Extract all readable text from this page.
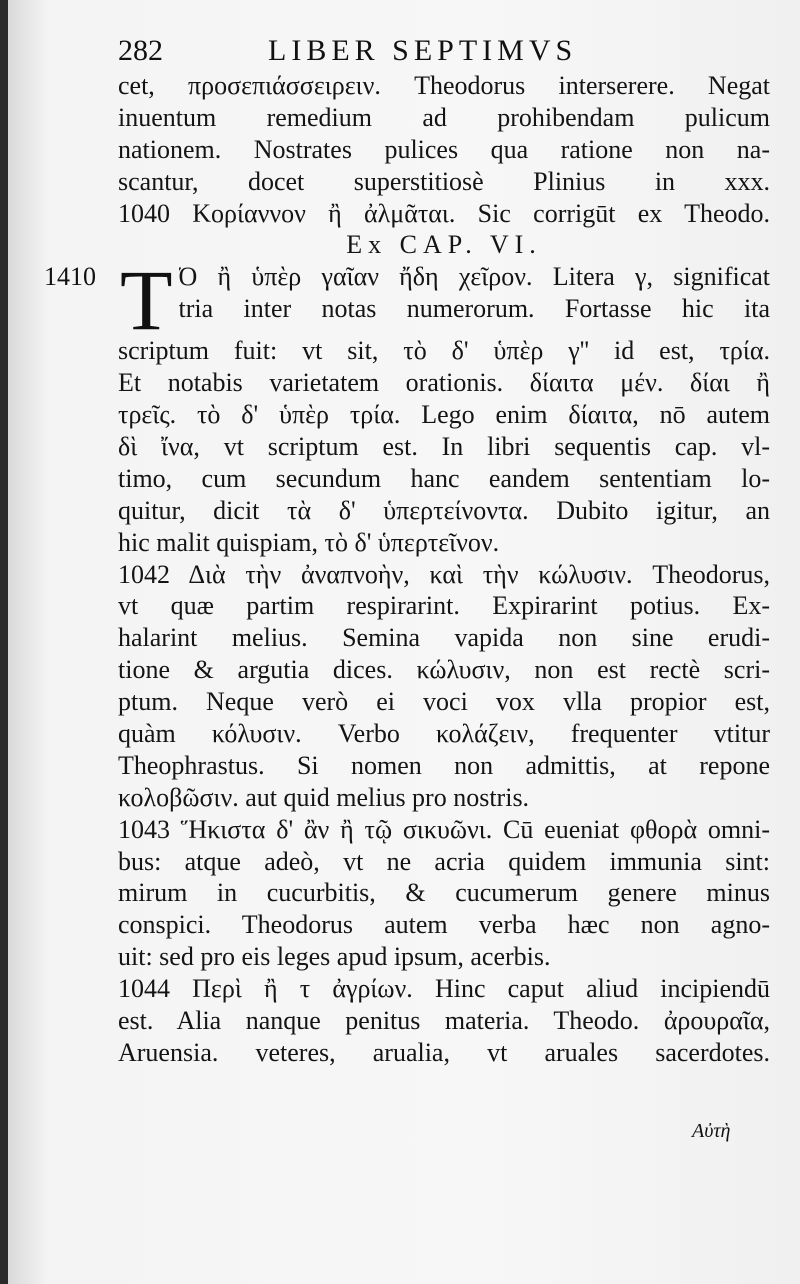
282	LIBER SEPTIMVS
1410
cet, προσεπιάσσειρειν. Theodorus interserere. Negat
inuentum remedium ad prohibendam pulicum
nationem. Nostrates pulices qua ratione non na-
scantur, docet superstitiosè Plinius in xxx.
1040 Κορίαννον ἢ ἀλμᾶται. Sic corrigūt ex Theodo.
Ex CAP. VI.
T Ό ἢ ὑπὲρ γαῖαν ἤδη χεῖρον. Litera γ, significat
tria inter notas numerorum. Fortasse hic ita
scriptum fuit: vt sit, τὸ δ' ὑπὲρ γ'' id est, τρία.
Et notabis varietatem orationis. δίαιτα μέν. δίαι ἢ
τρεῖς. τὸ δ' ὑπὲρ τρία. Lego enim δίαιτα, nō autem
δὶ ἴνα, vt scriptum est. In libri sequentis cap. vl-
timo, cum secundum hanc eandem sententiam lo-
quitur, dicit τὰ δ' ὑπερτείνοντα. Dubito igitur, an
hic malit quispiam, τὸ δ' ὑπερτεῖνον.
1042 Διὰ τὴν ἀναπνοὴν, καὶ τὴν κώλυσιν. Theodorus,
vt quæ partim respirarint. Expirarint potius. Ex-
halarint melius. Semina vapida non sine erudi-
tione & argutia dices. κώλυσιν, non est rectè scri-
ptum. Neque verò ei voci vox vlla propior est,
quàm κόλυσιν. Verbo κολάζειν, frequenter vtitur
Theophrastus. Si nomen non admittis, at repone
κολοβῶσιν. aut quid melius pro nostris.
1043 Ἥκιστα δ' ἂν ἢ τῷ σικυῶνι. Cū eueniat φθορὰ omni-
bus: atque adeò, vt ne acria quidem immunia sint:
mirum in cucurbitis, & cucumerum genere minus
conspici. Theodorus autem verba hæc non agno-
uit: sed pro eis leges apud ipsum, acerbis.
1044 Περὶ ἢ τ ἀγρίων. Hinc caput aliud incipiendū
est. Alia nanque penitus materia. Theodo. ἀρουραῖα,
Aruensia. veteres, arualia, vt aruales sacerdotes.
Αὐτὴ
